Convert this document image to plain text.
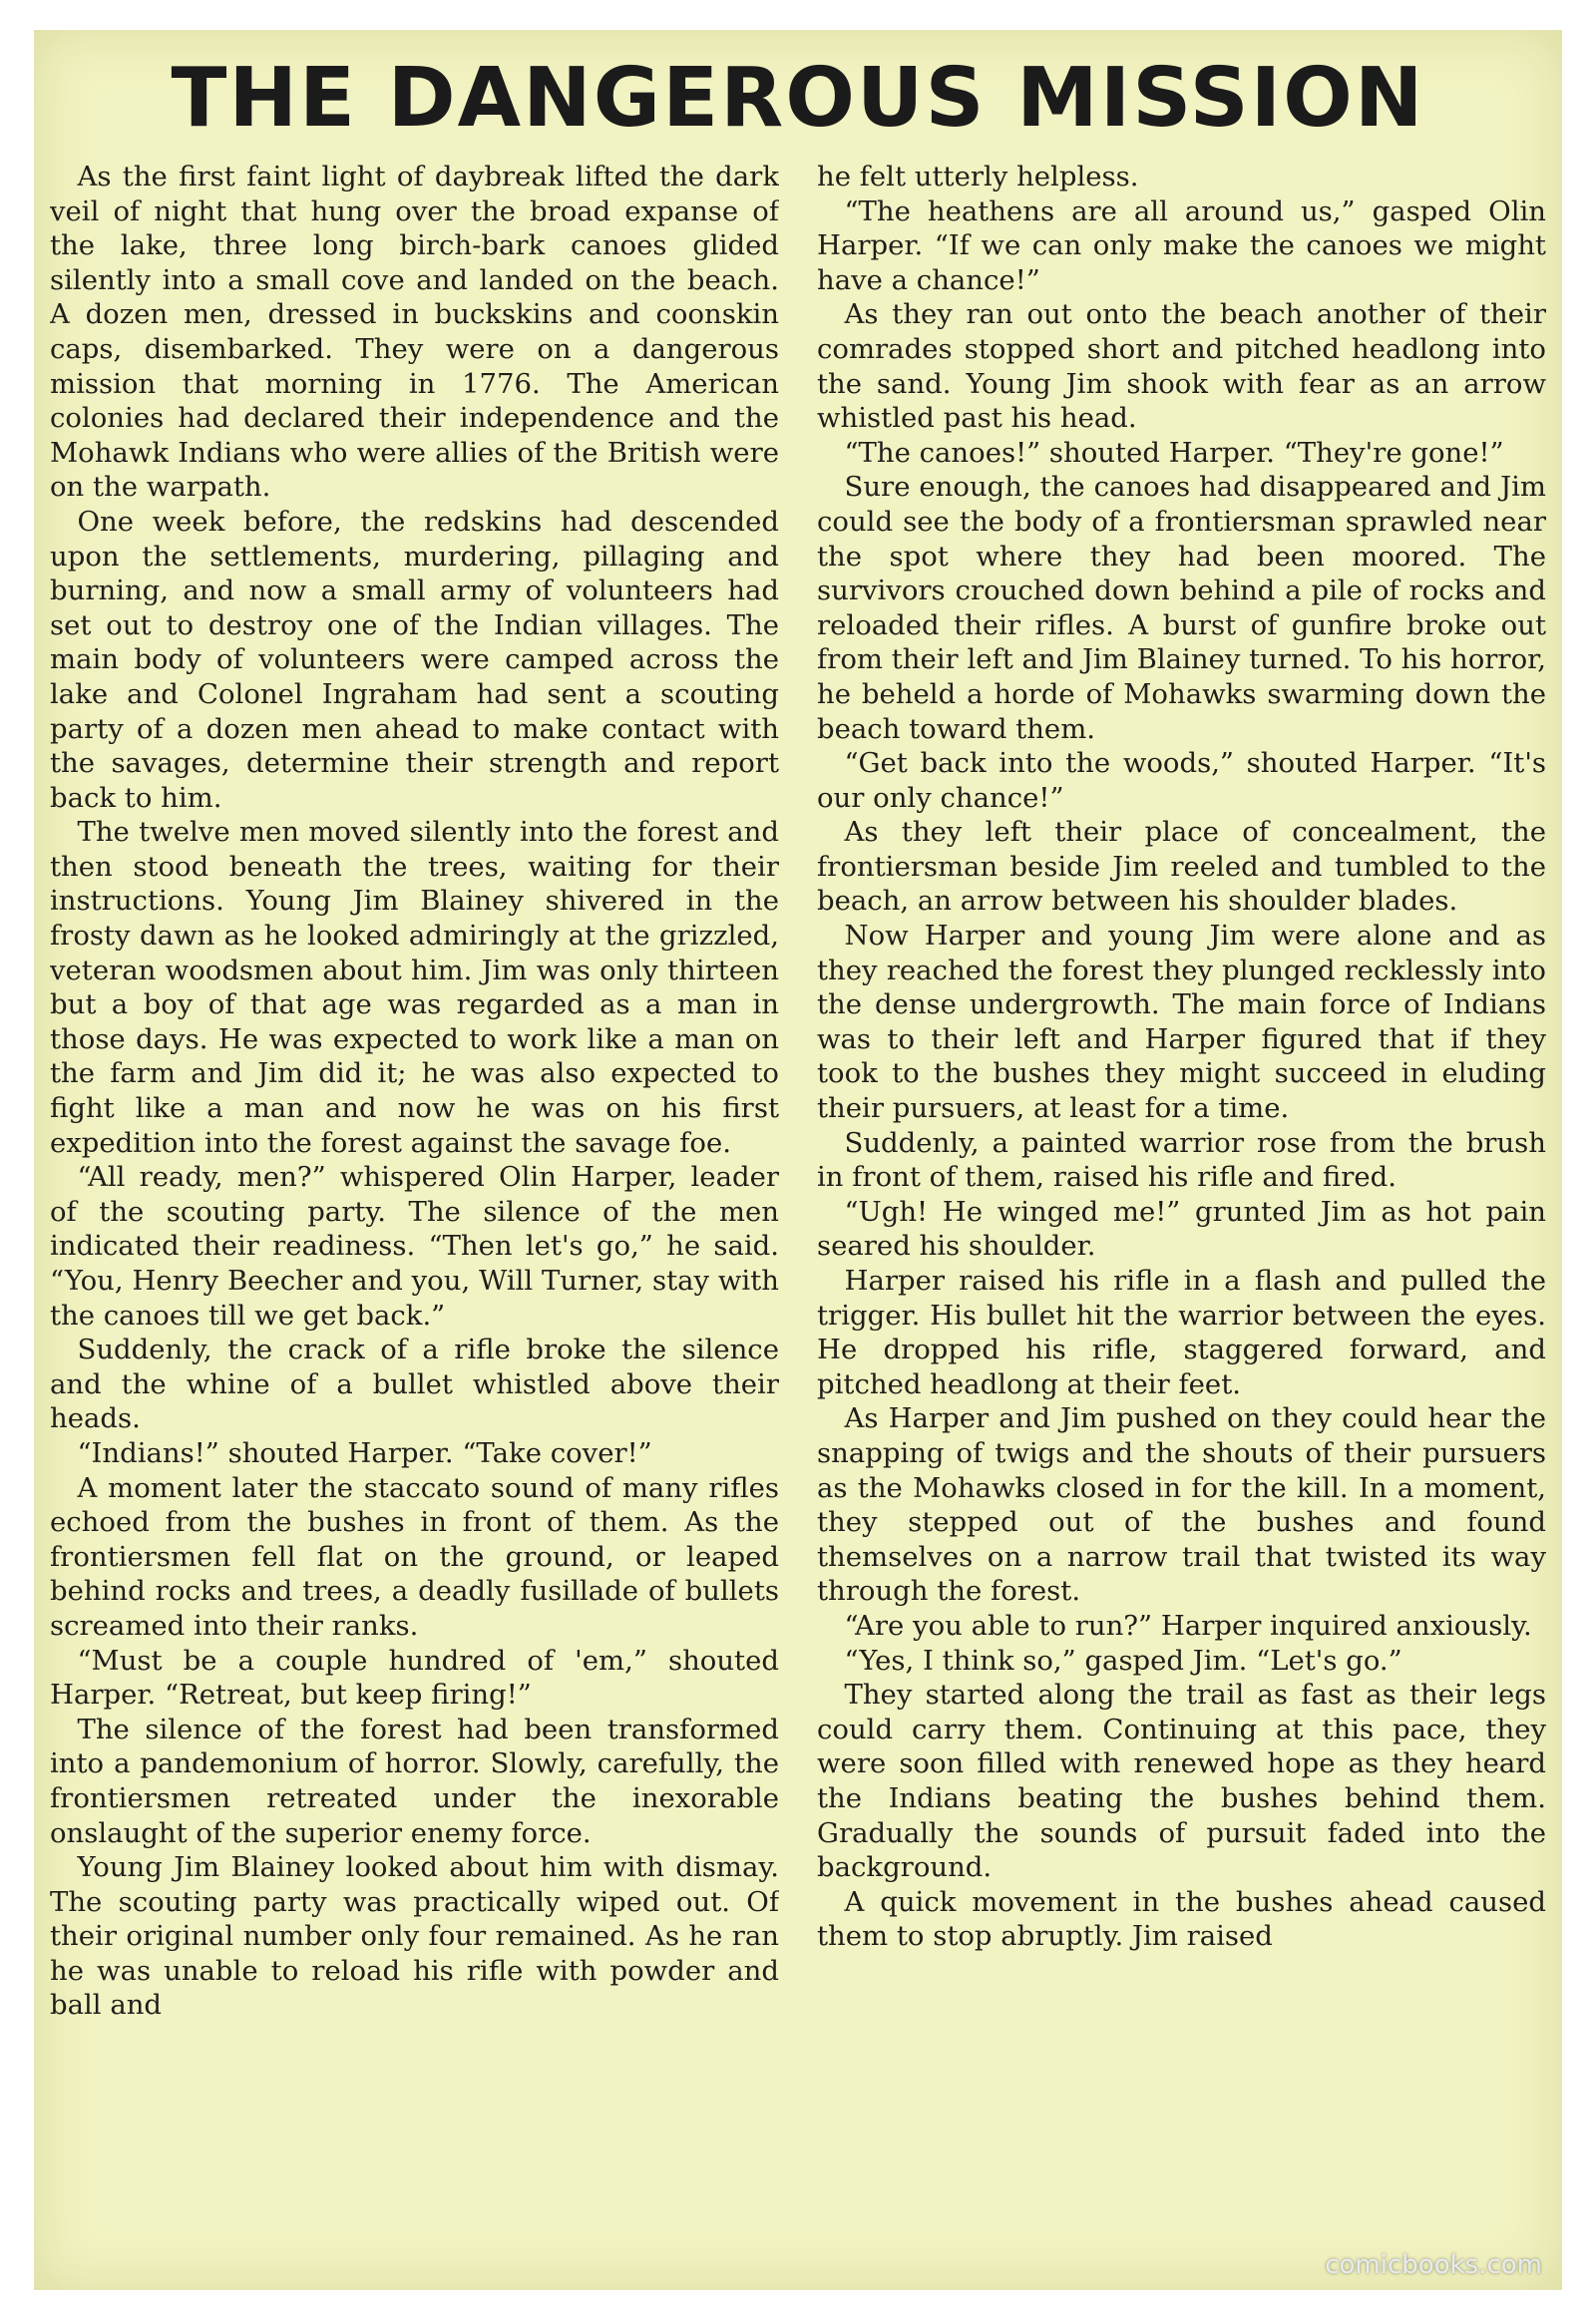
THE DANGEROUS MISSION

As the first faint light of daybreak lifted the dark veil of night that hung over the broad expanse of the lake, three long birch-bark canoes glided silently into a small cove and landed on the beach. A dozen men, dressed in buckskins and coonskin caps, disembarked. They were on a dangerous mission that morning in 1776. The American colonies had declared their independence and the Mohawk Indians who were allies of the British were on the warpath.

One week before, the redskins had descended upon the settlements, murdering, pillaging and burning, and now a small army of volunteers had set out to destroy one of the Indian villages. The main body of volunteers were camped across the lake and Colonel Ingraham had sent a scouting party of a dozen men ahead to make contact with the savages, determine their strength and report back to him.

The twelve men moved silently into the forest and then stood beneath the trees, waiting for their instructions. Young Jim Blainey shivered in the frosty dawn as he looked admiringly at the grizzled, veteran woodsmen about him. Jim was only thirteen but a boy of that age was regarded as a man in those days. He was expected to work like a man on the farm and Jim did it; he was also expected to fight like a man and now he was on his first expedition into the forest against the savage foe.

“All ready, men?” whispered Olin Harper, leader of the scouting party. The silence of the men indicated their readiness. “Then let's go,” he said. “You, Henry Beecher and you, Will Turner, stay with the canoes till we get back.”

Suddenly, the crack of a rifle broke the silence and the whine of a bullet whistled above their heads.

“Indians!” shouted Harper. “Take cover!”

A moment later the staccato sound of many rifles echoed from the bushes in front of them. As the frontiersmen fell flat on the ground, or leaped behind rocks and trees, a deadly fusillade of bullets screamed into their ranks.

“Must be a couple hundred of 'em,” shouted Harper. “Retreat, but keep firing!”

The silence of the forest had been transformed into a pandemonium of horror. Slowly, carefully, the frontiersmen retreated under the inexorable onslaught of the superior enemy force.

Young Jim Blainey looked about him with dismay. The scouting party was practically wiped out. Of their original number only four remained. As he ran he was unable to reload his rifle with powder and ball and

he felt utterly helpless.

“The heathens are all around us,” gasped Olin Harper. “If we can only make the canoes we might have a chance!”

As they ran out onto the beach another of their comrades stopped short and pitched headlong into the sand. Young Jim shook with fear as an arrow whistled past his head.

“The canoes!” shouted Harper. “They're gone!”

Sure enough, the canoes had disappeared and Jim could see the body of a frontiersman sprawled near the spot where they had been moored. The survivors crouched down behind a pile of rocks and reloaded their rifles. A burst of gunfire broke out from their left and Jim Blainey turned. To his horror, he beheld a horde of Mohawks swarming down the beach toward them.

“Get back into the woods,” shouted Harper. “It's our only chance!”

As they left their place of concealment, the frontiersman beside Jim reeled and tumbled to the beach, an arrow between his shoulder blades.

Now Harper and young Jim were alone and as they reached the forest they plunged recklessly into the dense undergrowth. The main force of Indians was to their left and Harper figured that if they took to the bushes they might succeed in eluding their pursuers, at least for a time.

Suddenly, a painted warrior rose from the brush in front of them, raised his rifle and fired.

“Ugh! He winged me!” grunted Jim as hot pain seared his shoulder.

Harper raised his rifle in a flash and pulled the trigger. His bullet hit the warrior between the eyes. He dropped his rifle, staggered forward, and pitched headlong at their feet.

As Harper and Jim pushed on they could hear the snapping of twigs and the shouts of their pursuers as the Mohawks closed in for the kill. In a moment, they stepped out of the bushes and found themselves on a narrow trail that twisted its way through the forest.

“Are you able to run?” Harper inquired anxiously.

“Yes, I think so,” gasped Jim. “Let's go.”

They started along the trail as fast as their legs could carry them. Continuing at this pace, they were soon filled with renewed hope as they heard the Indians beating the bushes behind them. Gradually the sounds of pursuit faded into the background.

A quick movement in the bushes ahead caused them to stop abruptly. Jim raised

comicbooks.com
